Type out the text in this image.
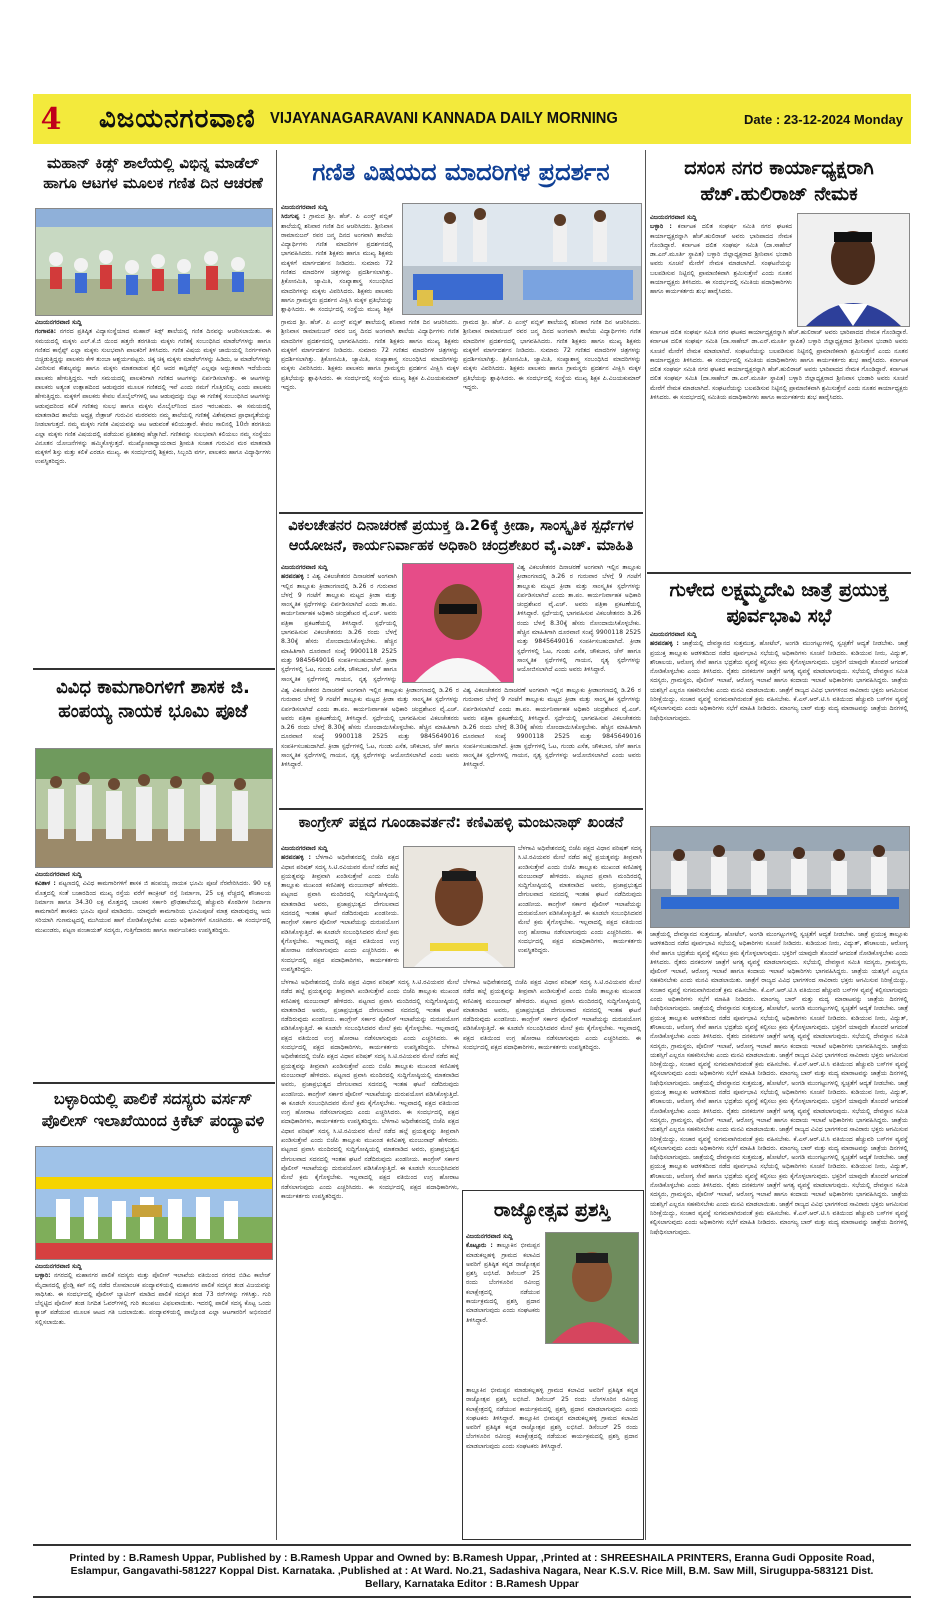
4 ವಿಜಯನಗರವಾಣಿ VIJAYANAGARAVANI KANNADA DAILY MORNING	Date : 23-12-2024 Monday
ಮಹಾನ್ ಕಿಡ್ಸ್ ಶಾಲೆಯಲ್ಲಿ ವಿಭಿನ್ನ ಮಾಡೆಲ್ ಹಾಗೂ ಆಟಗಳ ಮೂಲಕ ಗಣಿತ ದಿನ ಆಚರಣೆ
ವಿಜಯನಗರವಾಣಿ ಸುದ್ದಿ
ಗಂಗಾವತಿ: ನಗರದ ಪ್ರತಿಷ್ಠಿತ ವಿದ್ಯಾಸಂಸ್ಥೆಯಾದ ಮಹಾನ್ ಕಿಡ್ಸ್ ಶಾಲೆಯಲ್ಲಿ ಗಣಿತ ದಿನವನ್ನು ಆಚರಿಸಲಾಯಿತು. ಈ ಸಮಯದಲ್ಲಿ ಮಕ್ಕಳು ಎಲ್.ಕೆ.ಜಿ ಯಿಂದ ಹತ್ತನೇ ತರಗತಿಯ ಮಕ್ಕಳು ಗಣಿತಕ್ಕೆ ಸಂಬಂಧಿಸಿದ ಮಾಡೆಲ್‌ಗಳನ್ನು ಹಾಗೂ ಗಣಿತದ ಕಾನ್ಸೆಪ್ಟ್ ಎಲ್ಲಾ ಮಕ್ಕಳು ಸುಲಭವಾಗಿ ಪಾಲಕರಿಗೆ ತಿಳಿಸಿದರು. ಗಣಿತ ವಿಷಯ ಮಕ್ಕಳ ಜಾಯಿಯಲ್ಲಿ ನಿರರ್ಗಳವಾಗಿ ಬಿಚ್ಚಿಡುತ್ತಿದ್ದನ್ನು ಪಾಲಕರು ಕೇಳಿ ತುಂಬಾ ಆಶ್ಚರ್ಯಪಟ್ಟರು. ಚಿಕ್ಕ ಚಿಕ್ಕ ಮಕ್ಕಳು ಮಾಡೆಲ್‌ಗಳನ್ನು ಹಿಡಿದು, ಆ ಮಾಡೆಲ್‌ಗಳನ್ನು ವಿವರಿಸುವ ಕೌಶಲ್ಯವನ್ನು ಹಾಗೂ ಮಕ್ಕಳು ಮಾತನಾಡುವ ಶೈಲಿ ಆದರ ಕಾನ್ಫಿಡೆನ್ಸ್ ಎಲ್ಲವೂ ಅದ್ಭುತವಾಗಿ ಇದೆಯೆಂದು ಪಾಲಕರು ಹೇಳುತ್ತಿದ್ದರು. ಇದೇ ಸಮಯದಲ್ಲಿ ಪಾಲಕರಿಗಾಗಿ ಗಣಿತದ ಆಟಗಳನ್ನು ಏರ್ಪಡಿಸಲಾಗಿತ್ತು. ಈ ಆಟಗಳನ್ನು ಪಾಲಕರು ಅತ್ಯಂತ ಉತ್ಸಾಹದಿಂದ ಆಡುವುದರ ಮೂಲಕ ಗಣಿತದಲ್ಲಿ ಇವೆ ಎಂದು ನಮಗೆ ಗೊತ್ತಿರಲಿಲ್ಲ ಎಂದು ಪಾಲಕರು ಹೇಳುತ್ತಿದ್ದರು. ಮಕ್ಕಳಿಗೆ ಪಾಲಕರು ಕೇವಲ ಮೊಬೈಲ್‌ಗಳಲ್ಲಿ ಆಟ ಆಡುವುದನ್ನು ಬಿಟ್ಟು ಈ ಗಣಿತಕ್ಕೆ ಸಂಬಂಧಿಸಿದ ಆಟಗಳನ್ನು ಆಡುವುದರಿಂದ ಕಲಿಕೆ ಗಣಿತವು ಸುಲಭ ಹಾಗೂ ಮಕ್ಕಳು ಮೊಬೈಲ್‌ನಿಂದ ದೂರ ಇರಬಹುದು. ಈ ಸಮಯದಲ್ಲಿ ಮಾತನಾಡಿದ ಶಾಲೆಯ ಅಧ್ಯಕ್ಷ ನೇತ್ರಾಜ್ ಗುರುವಿನ ಮಠರವರು ನಮ್ಮ ಶಾಲೆಯಲ್ಲಿ ಗಣಿತಕ್ಕೆ ವಿಶೇಷವಾದ ಪ್ರಾಧಾನ್ಯತೆಯನ್ನು ನೀಡಲಾಗುತ್ತದೆ. ನಮ್ಮ ಮಕ್ಕಳು ಗಣಿತ ವಿಷಯವನ್ನು ಆಟ ಆಡುವಂತೆ ಕಲಿಯುತ್ತಾರೆ. ಕೇವಲ ಸಾಲಿನಲ್ಲಿ 10ನೇ ತರಗತಿಯ ಎಲ್ಲಾ ಮಕ್ಕಳು ಗಣಿತ ವಿಷಯದಲ್ಲಿ ಪಡೆಯುವ ಪ್ರತಿಶತವು ಹೆಚ್ಚಾಗಿದೆ. ಗಣಿತವನ್ನು ಸುಲಭವಾಗಿ ಕಲಿಯಲು ನಮ್ಮ ಸಂಸ್ಥೆಯು ವಿನೂತನ ಯೋಜನೆಗಳನ್ನು ಹಮ್ಮಿಕೊಳ್ಳುತ್ತದೆ. ಮುಖ್ಯೋಪಾಧ್ಯಾಯರಾದ ಶ್ರೀಮತಿ ಸುಜಾತ ಗುರುವಿನ ಮಠ ಮಾತನಾಡಿ ಮಕ್ಕಳಿಗೆ ಶಿಸ್ತು ಮತ್ತು ಕಲಿಕೆ ಎರಡೂ ಮುಖ್ಯ. ಈ ಸಂದರ್ಭದಲ್ಲಿ ಶಿಕ್ಷಕರು, ಸಿಬ್ಬಂದಿ ವರ್ಗ, ಪಾಲಕರು ಹಾಗೂ ವಿದ್ಯಾರ್ಥಿಗಳು ಉಪಸ್ಥಿತರಿದ್ದರು.
ವಿವಿಧ ಕಾಮಗಾರಿಗಳಿಗೆ ಶಾಸಕ ಜಿ. ಹಂಪಯ್ಯ ನಾಯಕ ಭೂಮಿ ಪೂಜೆ
ವಿಜಯನಗರವಾಣಿ ಸುದ್ದಿ
ಕವಿತಾಳ : ಪಟ್ಟಣದಲ್ಲಿ ವಿವಿಧ ಕಾಮಗಾರಿಗಳಿಗೆ ಶಾಸಕ ಜಿ ಹಂಪಯ್ಯ ನಾಯಕ ಭೂಮಿ ಪೂಜೆ ನೆರವೇರಿಸಿದರು. 90 ಲಕ್ಷ ಮೊತ್ತದಲ್ಲಿ ಸಂತೆ ಬಜಾರದಿಂದ ಮುಖ್ಯ ರಸ್ತೆಯ ವರೆಗೆ ಕಾಂಕ್ರೀಟ್ ರಸ್ತೆ ನಿರ್ಮಾಣ, 25 ಲಕ್ಷ ವೆಚ್ಚದಲ್ಲಿ ಶೌಚಾಲಯ ನಿರ್ಮಾಣ ಹಾಗೂ 34.30 ಲಕ್ಷ ಮೊತ್ತದಲ್ಲಿ ಬಾಲಕರ ಸರ್ಕಾರಿ ಪ್ರೌಢಶಾಲೆಯಲ್ಲಿ ಹೆಚ್ಚುವರಿ ಕೊಠಡಿಗಳ ನಿರ್ಮಾಣ ಕಾಮಗಾರಿಗೆ ಶಾಸಕರು ಭೂಮಿ ಪೂಜೆ ಮಾಡಿದರು. ಯಾವುದೇ ಕಾಮಗಾರಿಯ ಭೂಮಿಪೂಜೆ ಮಾತ್ರ ಮಾಡುವುದಲ್ಲ ಅದು ಸರಿಯಾಗಿ ಗುಣಮಟ್ಟದಲ್ಲಿ ಮುಗಿಯುವ ಹಾಗೆ ನೋಡಿಕೊಳ್ಳಬೇಕು ಎಂದು ಅಧಿಕಾರಿಗಳಿಗೆ ಸೂಚಿಸಿದರು. ಈ ಸಂದರ್ಭದಲ್ಲಿ ಮುಖಂಡರು, ಪಟ್ಟಣ ಪಂಚಾಯತ್ ಸದಸ್ಯರು, ಗುತ್ತಿಗೆದಾರರು ಹಾಗೂ ಸಾರ್ವಜನಿಕರು ಉಪಸ್ಥಿತರಿದ್ದರು.
ಬಳ್ಳಾರಿಯಲ್ಲಿ ಪಾಲಿಕೆ ಸದಸ್ಯರು ವರ್ಸಸ್ ಪೊಲೀಸ್ ಇಲಾಖೆಯಿಂದ ಕ್ರಿಕೆಟ್ ಪಂದ್ಯಾವಳಿ
ವಿಜಯನಗರವಾಣಿ ಸುದ್ದಿ
ಬಳ್ಳಾರಿ: ನಗರದಲ್ಲಿ ಮಹಾನಗರ ಪಾಲಿಕೆ ಸದಸ್ಯರು ಮತ್ತು ಪೊಲೀಸ್ ಇಲಾಖೆಯ ವತಿಯಿಂದ ನಗರದ ಬಿಡಿಎ ಕಾಲೇಜ್ ಮೈದಾನದಲ್ಲಿ ಫ್ರೆಂಡ್ಲಿ ಕಪ್ ನಲ್ಲಿ ನಡೆದ ರೋಮಾಂಚಕ ಪಂದ್ಯಾವಳಿಯಲ್ಲಿ ಮಹಾನಗರ ಪಾಲಿಕೆ ಸದಸ್ಯರ ತಂಡ ವಿಜಯವನ್ನು ಸಾಧಿಸಿತು. ಈ ಸಂದರ್ಭದಲ್ಲಿ ಪೊಲೀಸ್ ಬ್ಯಾಟಿಂಗ್ ಮಾಡಿದ ಪಾಲಿಕೆ ಸದಸ್ಯರ ತಂಡ 73 ರನ್‌ಗಳನ್ನು ಗಳಿಸಿತ್ತು. ಗುರಿ ಬೆನ್ನಟ್ಟಿದ ಪೊಲೀಸ್ ತಂಡ ನಿಗದಿತ ಓವರ್‌ಗಳಲ್ಲಿ ಗುರಿ ತಲುಪಲು ವಿಫಲವಾಯಿತು. ಇದರಲ್ಲಿ ಪಾಲಿಕೆ ಸದಸ್ಯ ಕೊಟ್ಟ ಒಂದು ಕ್ಯಾಚ್ ಪಡೆಯುವ ಮೂಲಕ ಆಟದ ಗತಿ ಬದಲಾಯಿತು. ಪಂದ್ಯಾವಳಿಯಲ್ಲಿ ಪಾಲ್ಗೊಂಡ ಎಲ್ಲಾ ಆಟಗಾರರಿಗೆ ಅಭಿನಂದನೆ ಸಲ್ಲಿಸಲಾಯಿತು.
ಗಣಿತ ವಿಷಯದ ಮಾದರಿಗಳ ಪ್ರದರ್ಶನ
ವಿಜಯನಗರವಾಣಿ ಸುದ್ದಿ
ಸಿರುಗುಪ್ಪ : ಗ್ರಾಮದ ಶ್ರೀ. ಹೆಚ್. ಪಿ ಎಂಸ್ತ್ ಪಬ್ಲಿಕ್ ಶಾಲೆಯಲ್ಲಿ ಶನಿವಾರ ಗಣಿತ ದಿನ ಆಚರಿಸಿದರು. ಶ್ರೀನಿವಾಸ ರಾಮಾನುಜನ್ ರವರ ಜನ್ಮ ದಿನದ ಅಂಗವಾಗಿ ಶಾಲೆಯ ವಿದ್ಯಾರ್ಥಿಗಳು ಗಣಿತ ಮಾದರಿಗಳ ಪ್ರದರ್ಶನದಲ್ಲಿ ಭಾಗವಹಿಸಿದರು. ಗಣಿತ ಶಿಕ್ಷಕರು ಹಾಗೂ ಮುಖ್ಯ ಶಿಕ್ಷಕರು ಮಕ್ಕಳಿಗೆ ಮಾರ್ಗದರ್ಶನ ನೀಡಿದರು. ಸುಮಾರು 72 ಗಣಿತದ ಮಾದರಿಗಳ ಚಿತ್ರಗಳನ್ನು ಪ್ರದರ್ಶಿಸಲಾಗಿತ್ತು. ತ್ರಿಕೋನಮಿತಿ, ಜ್ಯಾಮಿತಿ, ಸಂಖ್ಯಾಶಾಸ್ತ್ರ ಸಂಬಂಧಿಸಿದ ಮಾದರಿಗಳನ್ನು ಮಕ್ಕಳು ವಿವರಿಸಿದರು. ಶಿಕ್ಷಕರು ಪಾಲಕರು ಹಾಗೂ ಗ್ರಾಮಸ್ಥರು ಪ್ರದರ್ಶನ ವೀಕ್ಷಿಸಿ ಮಕ್ಕಳ ಪ್ರತಿಭೆಯನ್ನು ಶ್ಲಾಘಿಸಿದರು. ಈ ಸಂದರ್ಭದಲ್ಲಿ ಸಂಸ್ಥೆಯ ಮುಖ್ಯ ಶಿಕ್ಷಕ
ಗ್ರಾಮದ ಶ್ರೀ. ಹೆಚ್. ಪಿ ಎಂಸ್ತ್ ಪಬ್ಲಿಕ್ ಶಾಲೆಯಲ್ಲಿ ಶನಿವಾರ ಗಣಿತ ದಿನ ಆಚರಿಸಿದರು. ಶ್ರೀನಿವಾಸ ರಾಮಾನುಜನ್ ರವರ ಜನ್ಮ ದಿನದ ಅಂಗವಾಗಿ ಶಾಲೆಯ ವಿದ್ಯಾರ್ಥಿಗಳು ಗಣಿತ ಮಾದರಿಗಳ ಪ್ರದರ್ಶನದಲ್ಲಿ ಭಾಗವಹಿಸಿದರು. ಗಣಿತ ಶಿಕ್ಷಕರು ಹಾಗೂ ಮುಖ್ಯ ಶಿಕ್ಷಕರು ಮಕ್ಕಳಿಗೆ ಮಾರ್ಗದರ್ಶನ ನೀಡಿದರು. ಸುಮಾರು 72 ಗಣಿತದ ಮಾದರಿಗಳ ಚಿತ್ರಗಳನ್ನು ಪ್ರದರ್ಶಿಸಲಾಗಿತ್ತು. ತ್ರಿಕೋನಮಿತಿ, ಜ್ಯಾಮಿತಿ, ಸಂಖ್ಯಾಶಾಸ್ತ್ರ ಸಂಬಂಧಿಸಿದ ಮಾದರಿಗಳನ್ನು ಮಕ್ಕಳು ವಿವರಿಸಿದರು. ಶಿಕ್ಷಕರು ಪಾಲಕರು ಹಾಗೂ ಗ್ರಾಮಸ್ಥರು ಪ್ರದರ್ಶನ ವೀಕ್ಷಿಸಿ ಮಕ್ಕಳ ಪ್ರತಿಭೆಯನ್ನು ಶ್ಲಾಘಿಸಿದರು. ಈ ಸಂದರ್ಭದಲ್ಲಿ ಸಂಸ್ಥೆಯ ಮುಖ್ಯ ಶಿಕ್ಷಕ ಪಿ.ವಿಜಯಕುಮಾರ್ ಇದ್ದರು.
ಗ್ರಾಮದ ಶ್ರೀ. ಹೆಚ್. ಪಿ ಎಂಸ್ತ್ ಪಬ್ಲಿಕ್ ಶಾಲೆಯಲ್ಲಿ ಶನಿವಾರ ಗಣಿತ ದಿನ ಆಚರಿಸಿದರು. ಶ್ರೀನಿವಾಸ ರಾಮಾನುಜನ್ ರವರ ಜನ್ಮ ದಿನದ ಅಂಗವಾಗಿ ಶಾಲೆಯ ವಿದ್ಯಾರ್ಥಿಗಳು ಗಣಿತ ಮಾದರಿಗಳ ಪ್ರದರ್ಶನದಲ್ಲಿ ಭಾಗವಹಿಸಿದರು. ಗಣಿತ ಶಿಕ್ಷಕರು ಹಾಗೂ ಮುಖ್ಯ ಶಿಕ್ಷಕರು ಮಕ್ಕಳಿಗೆ ಮಾರ್ಗದರ್ಶನ ನೀಡಿದರು. ಸುಮಾರು 72 ಗಣಿತದ ಮಾದರಿಗಳ ಚಿತ್ರಗಳನ್ನು ಪ್ರದರ್ಶಿಸಲಾಗಿತ್ತು. ತ್ರಿಕೋನಮಿತಿ, ಜ್ಯಾಮಿತಿ, ಸಂಖ್ಯಾಶಾಸ್ತ್ರ ಸಂಬಂಧಿಸಿದ ಮಾದರಿಗಳನ್ನು ಮಕ್ಕಳು ವಿವರಿಸಿದರು. ಶಿಕ್ಷಕರು ಪಾಲಕರು ಹಾಗೂ ಗ್ರಾಮಸ್ಥರು ಪ್ರದರ್ಶನ ವೀಕ್ಷಿಸಿ ಮಕ್ಕಳ ಪ್ರತಿಭೆಯನ್ನು ಶ್ಲಾಘಿಸಿದರು. ಈ ಸಂದರ್ಭದಲ್ಲಿ ಸಂಸ್ಥೆಯ ಮುಖ್ಯ ಶಿಕ್ಷಕ ಪಿ.ವಿಜಯಕುಮಾರ್ ಇದ್ದರು.
ವಿಕಲಚೇತನರ ದಿನಾಚರಣೆ ಪ್ರಯುಕ್ತ ಡಿ.26ಕ್ಕೆ ಕ್ರೀಡಾ, ಸಾಂಸ್ಕೃತಿಕ ಸ್ಪರ್ಧೆಗಳ ಆಯೋಜನೆ, ಕಾರ್ಯನಿರ್ವಾಹಕ ಅಧಿಕಾರಿ ಚಂದ್ರಶೇಖರ ವೈ.ಎಚ್. ಮಾಹಿತಿ
ವಿಜಯನಗರವಾಣಿ ಸುದ್ದಿ
ಹರಪನಹಳ್ಳಿ : ವಿಶ್ವ ವಿಕಲಚೇತನರ ದಿನಾಚರಣೆ ಅಂಗವಾಗಿ ಇಲ್ಲಿನ ತಾಲ್ಲೂಕು ಕ್ರೀಡಾಂಗಣದಲ್ಲಿ ಡಿ.26 ರ ಗುರುವಾರ ಬೆಳಗ್ಗೆ 9 ಗಂಟೆಗೆ ತಾಲ್ಲೂಕು ಮಟ್ಟದ ಕ್ರೀಡಾ ಮತ್ತು ಸಾಂಸ್ಕೃತಿಕ ಸ್ಪರ್ಧೆಗಳನ್ನು ಏರ್ಪಡಿಸಲಾಗಿದೆ ಎಂದು ತಾ.ಪಂ. ಕಾರ್ಯನಿರ್ವಾಹಕ ಅಧಿಕಾರಿ ಚಂದ್ರಶೇಖರ ವೈ.ಎಚ್. ಅವರು ಪತ್ರಿಕಾ ಪ್ರಕಟಣೆಯಲ್ಲಿ ತಿಳಿಸಿದ್ದಾರೆ. ಸ್ಪರ್ಧೆಯಲ್ಲಿ ಭಾಗವಹಿಸುವ ವಿಕಲಚೇತನರು ಡಿ.26 ರಂದು ಬೆಳಗ್ಗೆ 8.30ಕ್ಕೆ ಹೆಸರು ನೋಂದಾಯಿಸಿಕೊಳ್ಳಬೇಕು. ಹೆಚ್ಚಿನ ಮಾಹಿತಿಗಾಗಿ ದೂರವಾಣಿ ಸಂಖ್ಯೆ 9900118 2525 ಮತ್ತು 9845649016 ಸಂಪರ್ಕಿಸಬಹುದಾಗಿದೆ. ಕ್ರೀಡಾ ಸ್ಪರ್ಧೆಗಳಲ್ಲಿ ಓಟ, ಗುಂಡು ಎಸೆತ, ಚೌಕಬಾರ, ಚೆಸ್ ಹಾಗೂ ಸಾಂಸ್ಕೃತಿಕ ಸ್ಪರ್ಧೆಗಳಲ್ಲಿ ಗಾಯನ, ನೃತ್ಯ ಸ್ಪರ್ಧೆಗಳನ್ನು
ವಿಶ್ವ ವಿಕಲಚೇತನರ ದಿನಾಚರಣೆ ಅಂಗವಾಗಿ ಇಲ್ಲಿನ ತಾಲ್ಲೂಕು ಕ್ರೀಡಾಂಗಣದಲ್ಲಿ ಡಿ.26 ರ ಗುರುವಾರ ಬೆಳಗ್ಗೆ 9 ಗಂಟೆಗೆ ತಾಲ್ಲೂಕು ಮಟ್ಟದ ಕ್ರೀಡಾ ಮತ್ತು ಸಾಂಸ್ಕೃತಿಕ ಸ್ಪರ್ಧೆಗಳನ್ನು ಏರ್ಪಡಿಸಲಾಗಿದೆ ಎಂದು ತಾ.ಪಂ. ಕಾರ್ಯನಿರ್ವಾಹಕ ಅಧಿಕಾರಿ ಚಂದ್ರಶೇಖರ ವೈ.ಎಚ್. ಅವರು ಪತ್ರಿಕಾ ಪ್ರಕಟಣೆಯಲ್ಲಿ ತಿಳಿಸಿದ್ದಾರೆ. ಸ್ಪರ್ಧೆಯಲ್ಲಿ ಭಾಗವಹಿಸುವ ವಿಕಲಚೇತನರು ಡಿ.26 ರಂದು ಬೆಳಗ್ಗೆ 8.30ಕ್ಕೆ ಹೆಸರು ನೋಂದಾಯಿಸಿಕೊಳ್ಳಬೇಕು. ಹೆಚ್ಚಿನ ಮಾಹಿತಿಗಾಗಿ ದೂರವಾಣಿ ಸಂಖ್ಯೆ 9900118 2525 ಮತ್ತು 9845649016 ಸಂಪರ್ಕಿಸಬಹುದಾಗಿದೆ. ಕ್ರೀಡಾ ಸ್ಪರ್ಧೆಗಳಲ್ಲಿ ಓಟ, ಗುಂಡು ಎಸೆತ, ಚೌಕಬಾರ, ಚೆಸ್ ಹಾಗೂ ಸಾಂಸ್ಕೃತಿಕ ಸ್ಪರ್ಧೆಗಳಲ್ಲಿ ಗಾಯನ, ನೃತ್ಯ ಸ್ಪರ್ಧೆಗಳನ್ನು ಆಯೋಜಿಸಲಾಗಿದೆ ಎಂದು ಅವರು ತಿಳಿಸಿದ್ದಾರೆ.
ವಿಶ್ವ ವಿಕಲಚೇತನರ ದಿನಾಚರಣೆ ಅಂಗವಾಗಿ ಇಲ್ಲಿನ ತಾಲ್ಲೂಕು ಕ್ರೀಡಾಂಗಣದಲ್ಲಿ ಡಿ.26 ರ ಗುರುವಾರ ಬೆಳಗ್ಗೆ 9 ಗಂಟೆಗೆ ತಾಲ್ಲೂಕು ಮಟ್ಟದ ಕ್ರೀಡಾ ಮತ್ತು ಸಾಂಸ್ಕೃತಿಕ ಸ್ಪರ್ಧೆಗಳನ್ನು ಏರ್ಪಡಿಸಲಾಗಿದೆ ಎಂದು ತಾ.ಪಂ. ಕಾರ್ಯನಿರ್ವಾಹಕ ಅಧಿಕಾರಿ ಚಂದ್ರಶೇಖರ ವೈ.ಎಚ್. ಅವರು ಪತ್ರಿಕಾ ಪ್ರಕಟಣೆಯಲ್ಲಿ ತಿಳಿಸಿದ್ದಾರೆ. ಸ್ಪರ್ಧೆಯಲ್ಲಿ ಭಾಗವಹಿಸುವ ವಿಕಲಚೇತನರು ಡಿ.26 ರಂದು ಬೆಳಗ್ಗೆ 8.30ಕ್ಕೆ ಹೆಸರು ನೋಂದಾಯಿಸಿಕೊಳ್ಳಬೇಕು. ಹೆಚ್ಚಿನ ಮಾಹಿತಿಗಾಗಿ ದೂರವಾಣಿ ಸಂಖ್ಯೆ 9900118 2525 ಮತ್ತು 9845649016 ಸಂಪರ್ಕಿಸಬಹುದಾಗಿದೆ. ಕ್ರೀಡಾ ಸ್ಪರ್ಧೆಗಳಲ್ಲಿ ಓಟ, ಗುಂಡು ಎಸೆತ, ಚೌಕಬಾರ, ಚೆಸ್ ಹಾಗೂ ಸಾಂಸ್ಕೃತಿಕ ಸ್ಪರ್ಧೆಗಳಲ್ಲಿ ಗಾಯನ, ನೃತ್ಯ ಸ್ಪರ್ಧೆಗಳನ್ನು ಆಯೋಜಿಸಲಾಗಿದೆ ಎಂದು ಅವರು ತಿಳಿಸಿದ್ದಾರೆ.
ವಿಶ್ವ ವಿಕಲಚೇತನರ ದಿನಾಚರಣೆ ಅಂಗವಾಗಿ ಇಲ್ಲಿನ ತಾಲ್ಲೂಕು ಕ್ರೀಡಾಂಗಣದಲ್ಲಿ ಡಿ.26 ರ ಗುರುವಾರ ಬೆಳಗ್ಗೆ 9 ಗಂಟೆಗೆ ತಾಲ್ಲೂಕು ಮಟ್ಟದ ಕ್ರೀಡಾ ಮತ್ತು ಸಾಂಸ್ಕೃತಿಕ ಸ್ಪರ್ಧೆಗಳನ್ನು ಏರ್ಪಡಿಸಲಾಗಿದೆ ಎಂದು ತಾ.ಪಂ. ಕಾರ್ಯನಿರ್ವಾಹಕ ಅಧಿಕಾರಿ ಚಂದ್ರಶೇಖರ ವೈ.ಎಚ್. ಅವರು ಪತ್ರಿಕಾ ಪ್ರಕಟಣೆಯಲ್ಲಿ ತಿಳಿಸಿದ್ದಾರೆ. ಸ್ಪರ್ಧೆಯಲ್ಲಿ ಭಾಗವಹಿಸುವ ವಿಕಲಚೇತನರು ಡಿ.26 ರಂದು ಬೆಳಗ್ಗೆ 8.30ಕ್ಕೆ ಹೆಸರು ನೋಂದಾಯಿಸಿಕೊಳ್ಳಬೇಕು. ಹೆಚ್ಚಿನ ಮಾಹಿತಿಗಾಗಿ ದೂರವಾಣಿ ಸಂಖ್ಯೆ 9900118 2525 ಮತ್ತು 9845649016 ಸಂಪರ್ಕಿಸಬಹುದಾಗಿದೆ. ಕ್ರೀಡಾ ಸ್ಪರ್ಧೆಗಳಲ್ಲಿ ಓಟ, ಗುಂಡು ಎಸೆತ, ಚೌಕಬಾರ, ಚೆಸ್ ಹಾಗೂ ಸಾಂಸ್ಕೃತಿಕ ಸ್ಪರ್ಧೆಗಳಲ್ಲಿ ಗಾಯನ, ನೃತ್ಯ ಸ್ಪರ್ಧೆಗಳನ್ನು ಆಯೋಜಿಸಲಾಗಿದೆ ಎಂದು ಅವರು ತಿಳಿಸಿದ್ದಾರೆ.
ಕಾಂಗ್ರೇಸ್ ಪಕ್ಷದ ಗೂಂಡಾವರ್ತನೆ: ಕಣಿವಿಹಳ್ಳಿ ಮಂಜುನಾಥ್ ಖಂಡನೆ
ವಿಜಯನಗರವಾಣಿ ಸುದ್ದಿ
ಹರಪನಹಳ್ಳಿ : ಬೆಳಗಾವಿ ಅಧಿವೇಶನದಲ್ಲಿ ಬಿಜೆಪಿ ಪಕ್ಷದ ವಿಧಾನ ಪರಿಷತ್ ಸದಸ್ಯ ಸಿ.ಟಿ.ರವಿಯವರ ಮೇಲೆ ನಡೆದ ಹಲ್ಲೆ ಪ್ರಯತ್ನವನ್ನು ತೀವ್ರವಾಗಿ ಖಂಡಿಸುತ್ತೇವೆ ಎಂದು ಬಿಜೆಪಿ ತಾಲ್ಲೂಕು ಮುಖಂಡ ಕಣಿವಿಹಳ್ಳಿ ಮಂಜುನಾಥ್ ಹೇಳಿದರು. ಪಟ್ಟಣದ ಪ್ರವಾಸಿ ಮಂದಿರದಲ್ಲಿ ಸುದ್ದಿಗೋಷ್ಠಿಯಲ್ಲಿ ಮಾತನಾಡಿದ ಅವರು, ಪ್ರಜಾಪ್ರಭುತ್ವದ ದೇಗುಲವಾದ ಸದನದಲ್ಲಿ ಇಂತಹ ಘಟನೆ ನಡೆದಿರುವುದು ಖಂಡನೀಯ. ಕಾಂಗ್ರೇಸ್ ಸರ್ಕಾರ ಪೊಲೀಸ್ ಇಲಾಖೆಯನ್ನು ದುರುಪಯೋಗ ಪಡಿಸಿಕೊಳ್ಳುತ್ತಿದೆ. ಈ ಕೂಡಲೇ ಸಂಬಂಧಿಸಿದವರ ಮೇಲೆ ಕ್ರಮ ಕೈಗೊಳ್ಳಬೇಕು. ಇಲ್ಲವಾದಲ್ಲಿ ಪಕ್ಷದ ವತಿಯಿಂದ ಉಗ್ರ ಹೋರಾಟ ನಡೆಸಲಾಗುವುದು ಎಂದು ಎಚ್ಚರಿಸಿದರು. ಈ ಸಂದರ್ಭದಲ್ಲಿ ಪಕ್ಷದ ಪದಾಧಿಕಾರಿಗಳು, ಕಾರ್ಯಕರ್ತರು ಉಪಸ್ಥಿತರಿದ್ದರು.
ಬೆಳಗಾವಿ ಅಧಿವೇಶನದಲ್ಲಿ ಬಿಜೆಪಿ ಪಕ್ಷದ ವಿಧಾನ ಪರಿಷತ್ ಸದಸ್ಯ ಸಿ.ಟಿ.ರವಿಯವರ ಮೇಲೆ ನಡೆದ ಹಲ್ಲೆ ಪ್ರಯತ್ನವನ್ನು ತೀವ್ರವಾಗಿ ಖಂಡಿಸುತ್ತೇವೆ ಎಂದು ಬಿಜೆಪಿ ತಾಲ್ಲೂಕು ಮುಖಂಡ ಕಣಿವಿಹಳ್ಳಿ ಮಂಜುನಾಥ್ ಹೇಳಿದರು. ಪಟ್ಟಣದ ಪ್ರವಾಸಿ ಮಂದಿರದಲ್ಲಿ ಸುದ್ದಿಗೋಷ್ಠಿಯಲ್ಲಿ ಮಾತನಾಡಿದ ಅವರು, ಪ್ರಜಾಪ್ರಭುತ್ವದ ದೇಗುಲವಾದ ಸದನದಲ್ಲಿ ಇಂತಹ ಘಟನೆ ನಡೆದಿರುವುದು ಖಂಡನೀಯ. ಕಾಂಗ್ರೇಸ್ ಸರ್ಕಾರ ಪೊಲೀಸ್ ಇಲಾಖೆಯನ್ನು ದುರುಪಯೋಗ ಪಡಿಸಿಕೊಳ್ಳುತ್ತಿದೆ. ಈ ಕೂಡಲೇ ಸಂಬಂಧಿಸಿದವರ ಮೇಲೆ ಕ್ರಮ ಕೈಗೊಳ್ಳಬೇಕು. ಇಲ್ಲವಾದಲ್ಲಿ ಪಕ್ಷದ ವತಿಯಿಂದ ಉಗ್ರ ಹೋರಾಟ ನಡೆಸಲಾಗುವುದು ಎಂದು ಎಚ್ಚರಿಸಿದರು. ಈ ಸಂದರ್ಭದಲ್ಲಿ ಪಕ್ಷದ ಪದಾಧಿಕಾರಿಗಳು, ಕಾರ್ಯಕರ್ತರು ಉಪಸ್ಥಿತರಿದ್ದರು.
ಬೆಳಗಾವಿ ಅಧಿವೇಶನದಲ್ಲಿ ಬಿಜೆಪಿ ಪಕ್ಷದ ವಿಧಾನ ಪರಿಷತ್ ಸದಸ್ಯ ಸಿ.ಟಿ.ರವಿಯವರ ಮೇಲೆ ನಡೆದ ಹಲ್ಲೆ ಪ್ರಯತ್ನವನ್ನು ತೀವ್ರವಾಗಿ ಖಂಡಿಸುತ್ತೇವೆ ಎಂದು ಬಿಜೆಪಿ ತಾಲ್ಲೂಕು ಮುಖಂಡ ಕಣಿವಿಹಳ್ಳಿ ಮಂಜುನಾಥ್ ಹೇಳಿದರು. ಪಟ್ಟಣದ ಪ್ರವಾಸಿ ಮಂದಿರದಲ್ಲಿ ಸುದ್ದಿಗೋಷ್ಠಿಯಲ್ಲಿ ಮಾತನಾಡಿದ ಅವರು, ಪ್ರಜಾಪ್ರಭುತ್ವದ ದೇಗುಲವಾದ ಸದನದಲ್ಲಿ ಇಂತಹ ಘಟನೆ ನಡೆದಿರುವುದು ಖಂಡನೀಯ. ಕಾಂಗ್ರೇಸ್ ಸರ್ಕಾರ ಪೊಲೀಸ್ ಇಲಾಖೆಯನ್ನು ದುರುಪಯೋಗ ಪಡಿಸಿಕೊಳ್ಳುತ್ತಿದೆ. ಈ ಕೂಡಲೇ ಸಂಬಂಧಿಸಿದವರ ಮೇಲೆ ಕ್ರಮ ಕೈಗೊಳ್ಳಬೇಕು. ಇಲ್ಲವಾದಲ್ಲಿ ಪಕ್ಷದ ವತಿಯಿಂದ ಉಗ್ರ ಹೋರಾಟ ನಡೆಸಲಾಗುವುದು ಎಂದು ಎಚ್ಚರಿಸಿದರು. ಈ ಸಂದರ್ಭದಲ್ಲಿ ಪಕ್ಷದ ಪದಾಧಿಕಾರಿಗಳು, ಕಾರ್ಯಕರ್ತರು ಉಪಸ್ಥಿತರಿದ್ದರು. ಬೆಳಗಾವಿ ಅಧಿವೇಶನದಲ್ಲಿ ಬಿಜೆಪಿ ಪಕ್ಷದ ವಿಧಾನ ಪರಿಷತ್ ಸದಸ್ಯ ಸಿ.ಟಿ.ರವಿಯವರ ಮೇಲೆ ನಡೆದ ಹಲ್ಲೆ ಪ್ರಯತ್ನವನ್ನು ತೀವ್ರವಾಗಿ ಖಂಡಿಸುತ್ತೇವೆ ಎಂದು ಬಿಜೆಪಿ ತಾಲ್ಲೂಕು ಮುಖಂಡ ಕಣಿವಿಹಳ್ಳಿ ಮಂಜುನಾಥ್ ಹೇಳಿದರು. ಪಟ್ಟಣದ ಪ್ರವಾಸಿ ಮಂದಿರದಲ್ಲಿ ಸುದ್ದಿಗೋಷ್ಠಿಯಲ್ಲಿ ಮಾತನಾಡಿದ ಅವರು, ಪ್ರಜಾಪ್ರಭುತ್ವದ ದೇಗುಲವಾದ ಸದನದಲ್ಲಿ ಇಂತಹ ಘಟನೆ ನಡೆದಿರುವುದು ಖಂಡನೀಯ. ಕಾಂಗ್ರೇಸ್ ಸರ್ಕಾರ ಪೊಲೀಸ್ ಇಲಾಖೆಯನ್ನು ದುರುಪಯೋಗ ಪಡಿಸಿಕೊಳ್ಳುತ್ತಿದೆ. ಈ ಕೂಡಲೇ ಸಂಬಂಧಿಸಿದವರ ಮೇಲೆ ಕ್ರಮ ಕೈಗೊಳ್ಳಬೇಕು. ಇಲ್ಲವಾದಲ್ಲಿ ಪಕ್ಷದ ವತಿಯಿಂದ ಉಗ್ರ ಹೋರಾಟ ನಡೆಸಲಾಗುವುದು ಎಂದು ಎಚ್ಚರಿಸಿದರು. ಈ ಸಂದರ್ಭದಲ್ಲಿ ಪಕ್ಷದ ಪದಾಧಿಕಾರಿಗಳು, ಕಾರ್ಯಕರ್ತರು ಉಪಸ್ಥಿತರಿದ್ದರು. ಬೆಳಗಾವಿ ಅಧಿವೇಶನದಲ್ಲಿ ಬಿಜೆಪಿ ಪಕ್ಷದ ವಿಧಾನ ಪರಿಷತ್ ಸದಸ್ಯ ಸಿ.ಟಿ.ರವಿಯವರ ಮೇಲೆ ನಡೆದ ಹಲ್ಲೆ ಪ್ರಯತ್ನವನ್ನು ತೀವ್ರವಾಗಿ ಖಂಡಿಸುತ್ತೇವೆ ಎಂದು ಬಿಜೆಪಿ ತಾಲ್ಲೂಕು ಮುಖಂಡ ಕಣಿವಿಹಳ್ಳಿ ಮಂಜುನಾಥ್ ಹೇಳಿದರು. ಪಟ್ಟಣದ ಪ್ರವಾಸಿ ಮಂದಿರದಲ್ಲಿ ಸುದ್ದಿಗೋಷ್ಠಿಯಲ್ಲಿ ಮಾತನಾಡಿದ ಅವರು, ಪ್ರಜಾಪ್ರಭುತ್ವದ ದೇಗುಲವಾದ ಸದನದಲ್ಲಿ ಇಂತಹ ಘಟನೆ ನಡೆದಿರುವುದು ಖಂಡನೀಯ. ಕಾಂಗ್ರೇಸ್ ಸರ್ಕಾರ ಪೊಲೀಸ್ ಇಲಾಖೆಯನ್ನು ದುರುಪಯೋಗ ಪಡಿಸಿಕೊಳ್ಳುತ್ತಿದೆ. ಈ ಕೂಡಲೇ ಸಂಬಂಧಿಸಿದವರ ಮೇಲೆ ಕ್ರಮ ಕೈಗೊಳ್ಳಬೇಕು. ಇಲ್ಲವಾದಲ್ಲಿ ಪಕ್ಷದ ವತಿಯಿಂದ ಉಗ್ರ ಹೋರಾಟ ನಡೆಸಲಾಗುವುದು ಎಂದು ಎಚ್ಚರಿಸಿದರು. ಈ ಸಂದರ್ಭದಲ್ಲಿ ಪಕ್ಷದ ಪದಾಧಿಕಾರಿಗಳು, ಕಾರ್ಯಕರ್ತರು ಉಪಸ್ಥಿತರಿದ್ದರು.
ಬೆಳಗಾವಿ ಅಧಿವೇಶನದಲ್ಲಿ ಬಿಜೆಪಿ ಪಕ್ಷದ ವಿಧಾನ ಪರಿಷತ್ ಸದಸ್ಯ ಸಿ.ಟಿ.ರವಿಯವರ ಮೇಲೆ ನಡೆದ ಹಲ್ಲೆ ಪ್ರಯತ್ನವನ್ನು ತೀವ್ರವಾಗಿ ಖಂಡಿಸುತ್ತೇವೆ ಎಂದು ಬಿಜೆಪಿ ತಾಲ್ಲೂಕು ಮುಖಂಡ ಕಣಿವಿಹಳ್ಳಿ ಮಂಜುನಾಥ್ ಹೇಳಿದರು. ಪಟ್ಟಣದ ಪ್ರವಾಸಿ ಮಂದಿರದಲ್ಲಿ ಸುದ್ದಿಗೋಷ್ಠಿಯಲ್ಲಿ ಮಾತನಾಡಿದ ಅವರು, ಪ್ರಜಾಪ್ರಭುತ್ವದ ದೇಗುಲವಾದ ಸದನದಲ್ಲಿ ಇಂತಹ ಘಟನೆ ನಡೆದಿರುವುದು ಖಂಡನೀಯ. ಕಾಂಗ್ರೇಸ್ ಸರ್ಕಾರ ಪೊಲೀಸ್ ಇಲಾಖೆಯನ್ನು ದುರುಪಯೋಗ ಪಡಿಸಿಕೊಳ್ಳುತ್ತಿದೆ. ಈ ಕೂಡಲೇ ಸಂಬಂಧಿಸಿದವರ ಮೇಲೆ ಕ್ರಮ ಕೈಗೊಳ್ಳಬೇಕು. ಇಲ್ಲವಾದಲ್ಲಿ ಪಕ್ಷದ ವತಿಯಿಂದ ಉಗ್ರ ಹೋರಾಟ ನಡೆಸಲಾಗುವುದು ಎಂದು ಎಚ್ಚರಿಸಿದರು. ಈ ಸಂದರ್ಭದಲ್ಲಿ ಪಕ್ಷದ ಪದಾಧಿಕಾರಿಗಳು, ಕಾರ್ಯಕರ್ತರು ಉಪಸ್ಥಿತರಿದ್ದರು.
ರಾಜ್ಯೋತ್ಸವ ಪ್ರಶಸ್ತಿ
ವಿಜಯನಗರವಾಣಿ ಸುದ್ದಿ
ಕೊಟ್ಟೂರು : ತಾಲ್ಲೂಕಿನ ಭೀಮಪ್ಪನ ಮಾಡುಕಲ್ಲಹಳ್ಳಿ ಗ್ರಾಮದ ಕಲಾವಿದ ಅವರಿಗೆ ಪ್ರತಿಷ್ಠಿತ ಕನ್ನಡ ರಾಜ್ಯೋತ್ಸವ ಪ್ರಶಸ್ತಿ ಲಭಿಸಿದೆ. ಡಿಸೆಂಬರ್ 25 ರಂದು ಬೆಂಗಳೂರಿನ ರವೀಂದ್ರ ಕಲಾಕ್ಷೇತ್ರದಲ್ಲಿ ನಡೆಯುವ ಕಾರ್ಯಕ್ರಮದಲ್ಲಿ ಪ್ರಶಸ್ತಿ ಪ್ರದಾನ ಮಾಡಲಾಗುವುದು ಎಂದು ಸಂಘಟಕರು ತಿಳಿಸಿದ್ದಾರೆ.
ತಾಲ್ಲೂಕಿನ ಭೀಮಪ್ಪನ ಮಾಡುಕಲ್ಲಹಳ್ಳಿ ಗ್ರಾಮದ ಕಲಾವಿದ ಅವರಿಗೆ ಪ್ರತಿಷ್ಠಿತ ಕನ್ನಡ ರಾಜ್ಯೋತ್ಸವ ಪ್ರಶಸ್ತಿ ಲಭಿಸಿದೆ. ಡಿಸೆಂಬರ್ 25 ರಂದು ಬೆಂಗಳೂರಿನ ರವೀಂದ್ರ ಕಲಾಕ್ಷೇತ್ರದಲ್ಲಿ ನಡೆಯುವ ಕಾರ್ಯಕ್ರಮದಲ್ಲಿ ಪ್ರಶಸ್ತಿ ಪ್ರದಾನ ಮಾಡಲಾಗುವುದು ಎಂದು ಸಂಘಟಕರು ತಿಳಿಸಿದ್ದಾರೆ. ತಾಲ್ಲೂಕಿನ ಭೀಮಪ್ಪನ ಮಾಡುಕಲ್ಲಹಳ್ಳಿ ಗ್ರಾಮದ ಕಲಾವಿದ ಅವರಿಗೆ ಪ್ರತಿಷ್ಠಿತ ಕನ್ನಡ ರಾಜ್ಯೋತ್ಸವ ಪ್ರಶಸ್ತಿ ಲಭಿಸಿದೆ. ಡಿಸೆಂಬರ್ 25 ರಂದು ಬೆಂಗಳೂರಿನ ರವೀಂದ್ರ ಕಲಾಕ್ಷೇತ್ರದಲ್ಲಿ ನಡೆಯುವ ಕಾರ್ಯಕ್ರಮದಲ್ಲಿ ಪ್ರಶಸ್ತಿ ಪ್ರದಾನ ಮಾಡಲಾಗುವುದು ಎಂದು ಸಂಘಟಕರು ತಿಳಿಸಿದ್ದಾರೆ.
ದಸಂಸ ನಗರ ಕಾರ್ಯಾಧ್ಯಕ್ಷರಾಗಿ ಹೆಚ್.ಹುಲಿರಾಜ್ ನೇಮಕ
ವಿಜಯನಗರವಾಣಿ ಸುದ್ದಿ
ಬಳ್ಳಾರಿ : ಕರ್ನಾಟಕ ದಲಿತ ಸಂಘರ್ಷ ಸಮಿತಿ ನಗರ ಘಟಕದ ಕಾರ್ಯಾಧ್ಯಕ್ಷರನ್ನಾಗಿ ಹೆಚ್.ಹುಲಿರಾಜ್ ಅವರು ಭಾರಿಪಾದದ ನೇಮಕ ಗೊಂಡಿದ್ದಾರೆ. ಕರ್ನಾಟಕ ದಲಿತ ಸಂಘರ್ಷ ಸಮಿತಿ (ದಾ.ಸಾಹೇಬ್ ಡಾ.ಎನ್.ಮೂರ್ತಿ ಸ್ಥಾಪಿತ) ಬಳ್ಳಾರಿ ಜಿಲ್ಲಾಧ್ಯಕ್ಷರಾದ ಶ್ರೀನಿವಾಸ ಭಂಡಾರಿ ಅವರು ಸೂಚನೆ ಮೇರೆಗೆ ನೇಮಕ ಮಾಡಲಾಗಿದೆ. ಸಂಘಟನೆಯನ್ನು ಬಲಪಡಿಸುವ ನಿಟ್ಟಿನಲ್ಲಿ ಪ್ರಾಮಾಣಿಕವಾಗಿ ಶ್ರಮಿಸುತ್ತೇನೆ ಎಂದು ನೂತನ ಕಾರ್ಯಾಧ್ಯಕ್ಷರು ತಿಳಿಸಿದರು. ಈ ಸಂದರ್ಭದಲ್ಲಿ ಸಮಿತಿಯ ಪದಾಧಿಕಾರಿಗಳು ಹಾಗೂ ಕಾರ್ಯಕರ್ತರು ಶುಭ ಹಾರೈಸಿದರು.
ಕರ್ನಾಟಕ ದಲಿತ ಸಂಘರ್ಷ ಸಮಿತಿ ನಗರ ಘಟಕದ ಕಾರ್ಯಾಧ್ಯಕ್ಷರನ್ನಾಗಿ ಹೆಚ್.ಹುಲಿರಾಜ್ ಅವರು ಭಾರಿಪಾದದ ನೇಮಕ ಗೊಂಡಿದ್ದಾರೆ. ಕರ್ನಾಟಕ ದಲಿತ ಸಂಘರ್ಷ ಸಮಿತಿ (ದಾ.ಸಾಹೇಬ್ ಡಾ.ಎನ್.ಮೂರ್ತಿ ಸ್ಥಾಪಿತ) ಬಳ್ಳಾರಿ ಜಿಲ್ಲಾಧ್ಯಕ್ಷರಾದ ಶ್ರೀನಿವಾಸ ಭಂಡಾರಿ ಅವರು ಸೂಚನೆ ಮೇರೆಗೆ ನೇಮಕ ಮಾಡಲಾಗಿದೆ. ಸಂಘಟನೆಯನ್ನು ಬಲಪಡಿಸುವ ನಿಟ್ಟಿನಲ್ಲಿ ಪ್ರಾಮಾಣಿಕವಾಗಿ ಶ್ರಮಿಸುತ್ತೇನೆ ಎಂದು ನೂತನ ಕಾರ್ಯಾಧ್ಯಕ್ಷರು ತಿಳಿಸಿದರು. ಈ ಸಂದರ್ಭದಲ್ಲಿ ಸಮಿತಿಯ ಪದಾಧಿಕಾರಿಗಳು ಹಾಗೂ ಕಾರ್ಯಕರ್ತರು ಶುಭ ಹಾರೈಸಿದರು. ಕರ್ನಾಟಕ ದಲಿತ ಸಂಘರ್ಷ ಸಮಿತಿ ನಗರ ಘಟಕದ ಕಾರ್ಯಾಧ್ಯಕ್ಷರನ್ನಾಗಿ ಹೆಚ್.ಹುಲಿರಾಜ್ ಅವರು ಭಾರಿಪಾದದ ನೇಮಕ ಗೊಂಡಿದ್ದಾರೆ. ಕರ್ನಾಟಕ ದಲಿತ ಸಂಘರ್ಷ ಸಮಿತಿ (ದಾ.ಸಾಹೇಬ್ ಡಾ.ಎನ್.ಮೂರ್ತಿ ಸ್ಥಾಪಿತ) ಬಳ್ಳಾರಿ ಜಿಲ್ಲಾಧ್ಯಕ್ಷರಾದ ಶ್ರೀನಿವಾಸ ಭಂಡಾರಿ ಅವರು ಸೂಚನೆ ಮೇರೆಗೆ ನೇಮಕ ಮಾಡಲಾಗಿದೆ. ಸಂಘಟನೆಯನ್ನು ಬಲಪಡಿಸುವ ನಿಟ್ಟಿನಲ್ಲಿ ಪ್ರಾಮಾಣಿಕವಾಗಿ ಶ್ರಮಿಸುತ್ತೇನೆ ಎಂದು ನೂತನ ಕಾರ್ಯಾಧ್ಯಕ್ಷರು ತಿಳಿಸಿದರು. ಈ ಸಂದರ್ಭದಲ್ಲಿ ಸಮಿತಿಯ ಪದಾಧಿಕಾರಿಗಳು ಹಾಗೂ ಕಾರ್ಯಕರ್ತರು ಶುಭ ಹಾರೈಸಿದರು.
ಗುಳೇದ ಲಕ್ಷ್ಮಮ್ಮದೇವಿ ಜಾತ್ರೆ ಪ್ರಯುಕ್ತ ಪೂರ್ವಭಾವಿ ಸಭೆ
ವಿಜಯನಗರವಾಣಿ ಸುದ್ದಿ
ಹರಪನಹಳ್ಳಿ : ಜಾತ್ರೆಯಲ್ಲಿ ದೇವಸ್ಥಾನದ ಸುತ್ತಮುತ್ತ, ಹೋಟೆಲ್, ಅಂಗಡಿ ಮುಂಗಟ್ಟುಗಳಲ್ಲಿ ಸ್ವಚ್ಛತೆಗೆ ಆದ್ಯತೆ ನೀಡಬೇಕು. ಜಾತ್ರೆ ಪ್ರಯುಕ್ತ ತಾಲ್ಲೂಕು ಆಡಳಿತದಿಂದ ನಡೆದ ಪೂರ್ವಭಾವಿ ಸಭೆಯಲ್ಲಿ ಅಧಿಕಾರಿಗಳು ಸೂಚನೆ ನೀಡಿದರು. ಕುಡಿಯುವ ನೀರು, ವಿದ್ಯುತ್, ಶೌಚಾಲಯ, ಆರೋಗ್ಯ ಸೇವೆ ಹಾಗೂ ಭದ್ರತೆಯ ವ್ಯವಸ್ಥೆ ಕಲ್ಪಿಸಲು ಕ್ರಮ ಕೈಗೊಳ್ಳಲಾಗುವುದು. ಭಕ್ತರಿಗೆ ಯಾವುದೇ ತೊಂದರೆ ಆಗದಂತೆ ನೋಡಿಕೊಳ್ಳಬೇಕು ಎಂದು ತಿಳಿಸಿದರು. ರೈತರು ದನಕರುಗಳ ಜಾತ್ರೆಗೆ ಅಗತ್ಯ ವ್ಯವಸ್ಥೆ ಮಾಡಲಾಗುವುದು. ಸಭೆಯಲ್ಲಿ ದೇವಸ್ಥಾನ ಸಮಿತಿ ಸದಸ್ಯರು, ಗ್ರಾಮಸ್ಥರು, ಪೊಲೀಸ್ ಇಲಾಖೆ, ಆರೋಗ್ಯ ಇಲಾಖೆ ಹಾಗೂ ಕಂದಾಯ ಇಲಾಖೆ ಅಧಿಕಾರಿಗಳು ಭಾಗವಹಿಸಿದ್ದರು. ಜಾತ್ರೆಯ ಯಶಸ್ಸಿಗೆ ಎಲ್ಲರೂ ಸಹಕರಿಸಬೇಕು ಎಂದು ಮನವಿ ಮಾಡಲಾಯಿತು. ಜಾತ್ರೆಗೆ ರಾಜ್ಯದ ವಿವಿಧ ಭಾಗಗಳಿಂದ ಸಾವಿರಾರು ಭಕ್ತರು ಆಗಮಿಸುವ ನಿರೀಕ್ಷೆಯಿದ್ದು, ಸಂಚಾರ ವ್ಯವಸ್ಥೆ ಸುಗಮವಾಗಿರುವಂತೆ ಕ್ರಮ ವಹಿಸಬೇಕು. ಕೆ.ಎಸ್.ಆರ್.ಟಿ.ಸಿ ವತಿಯಿಂದ ಹೆಚ್ಚುವರಿ ಬಸ್‌ಗಳ ವ್ಯವಸ್ಥೆ ಕಲ್ಪಿಸಲಾಗುವುದು ಎಂದು ಅಧಿಕಾರಿಗಳು ಸಭೆಗೆ ಮಾಹಿತಿ ನೀಡಿದರು. ಮಾಂಗಲ್ಯ ಬಾರ್ ಮತ್ತು ಮದ್ಯ ಮಾರಾಟವನ್ನು ಜಾತ್ರೆಯ ದಿನಗಳಲ್ಲಿ ನಿಷೇಧಿಸಲಾಗುವುದು.
ಜಾತ್ರೆಯಲ್ಲಿ ದೇವಸ್ಥಾನದ ಸುತ್ತಮುತ್ತ, ಹೋಟೆಲ್, ಅಂಗಡಿ ಮುಂಗಟ್ಟುಗಳಲ್ಲಿ ಸ್ವಚ್ಛತೆಗೆ ಆದ್ಯತೆ ನೀಡಬೇಕು. ಜಾತ್ರೆ ಪ್ರಯುಕ್ತ ತಾಲ್ಲೂಕು ಆಡಳಿತದಿಂದ ನಡೆದ ಪೂರ್ವಭಾವಿ ಸಭೆಯಲ್ಲಿ ಅಧಿಕಾರಿಗಳು ಸೂಚನೆ ನೀಡಿದರು. ಕುಡಿಯುವ ನೀರು, ವಿದ್ಯುತ್, ಶೌಚಾಲಯ, ಆರೋಗ್ಯ ಸೇವೆ ಹಾಗೂ ಭದ್ರತೆಯ ವ್ಯವಸ್ಥೆ ಕಲ್ಪಿಸಲು ಕ್ರಮ ಕೈಗೊಳ್ಳಲಾಗುವುದು. ಭಕ್ತರಿಗೆ ಯಾವುದೇ ತೊಂದರೆ ಆಗದಂತೆ ನೋಡಿಕೊಳ್ಳಬೇಕು ಎಂದು ತಿಳಿಸಿದರು. ರೈತರು ದನಕರುಗಳ ಜಾತ್ರೆಗೆ ಅಗತ್ಯ ವ್ಯವಸ್ಥೆ ಮಾಡಲಾಗುವುದು. ಸಭೆಯಲ್ಲಿ ದೇವಸ್ಥಾನ ಸಮಿತಿ ಸದಸ್ಯರು, ಗ್ರಾಮಸ್ಥರು, ಪೊಲೀಸ್ ಇಲಾಖೆ, ಆರೋಗ್ಯ ಇಲಾಖೆ ಹಾಗೂ ಕಂದಾಯ ಇಲಾಖೆ ಅಧಿಕಾರಿಗಳು ಭಾಗವಹಿಸಿದ್ದರು. ಜಾತ್ರೆಯ ಯಶಸ್ಸಿಗೆ ಎಲ್ಲರೂ ಸಹಕರಿಸಬೇಕು ಎಂದು ಮನವಿ ಮಾಡಲಾಯಿತು. ಜಾತ್ರೆಗೆ ರಾಜ್ಯದ ವಿವಿಧ ಭಾಗಗಳಿಂದ ಸಾವಿರಾರು ಭಕ್ತರು ಆಗಮಿಸುವ ನಿರೀಕ್ಷೆಯಿದ್ದು, ಸಂಚಾರ ವ್ಯವಸ್ಥೆ ಸುಗಮವಾಗಿರುವಂತೆ ಕ್ರಮ ವಹಿಸಬೇಕು. ಕೆ.ಎಸ್.ಆರ್.ಟಿ.ಸಿ ವತಿಯಿಂದ ಹೆಚ್ಚುವರಿ ಬಸ್‌ಗಳ ವ್ಯವಸ್ಥೆ ಕಲ್ಪಿಸಲಾಗುವುದು ಎಂದು ಅಧಿಕಾರಿಗಳು ಸಭೆಗೆ ಮಾಹಿತಿ ನೀಡಿದರು. ಮಾಂಗಲ್ಯ ಬಾರ್ ಮತ್ತು ಮದ್ಯ ಮಾರಾಟವನ್ನು ಜಾತ್ರೆಯ ದಿನಗಳಲ್ಲಿ ನಿಷೇಧಿಸಲಾಗುವುದು. ಜಾತ್ರೆಯಲ್ಲಿ ದೇವಸ್ಥಾನದ ಸುತ್ತಮುತ್ತ, ಹೋಟೆಲ್, ಅಂಗಡಿ ಮುಂಗಟ್ಟುಗಳಲ್ಲಿ ಸ್ವಚ್ಛತೆಗೆ ಆದ್ಯತೆ ನೀಡಬೇಕು. ಜಾತ್ರೆ ಪ್ರಯುಕ್ತ ತಾಲ್ಲೂಕು ಆಡಳಿತದಿಂದ ನಡೆದ ಪೂರ್ವಭಾವಿ ಸಭೆಯಲ್ಲಿ ಅಧಿಕಾರಿಗಳು ಸೂಚನೆ ನೀಡಿದರು. ಕುಡಿಯುವ ನೀರು, ವಿದ್ಯುತ್, ಶೌಚಾಲಯ, ಆರೋಗ್ಯ ಸೇವೆ ಹಾಗೂ ಭದ್ರತೆಯ ವ್ಯವಸ್ಥೆ ಕಲ್ಪಿಸಲು ಕ್ರಮ ಕೈಗೊಳ್ಳಲಾಗುವುದು. ಭಕ್ತರಿಗೆ ಯಾವುದೇ ತೊಂದರೆ ಆಗದಂತೆ ನೋಡಿಕೊಳ್ಳಬೇಕು ಎಂದು ತಿಳಿಸಿದರು. ರೈತರು ದನಕರುಗಳ ಜಾತ್ರೆಗೆ ಅಗತ್ಯ ವ್ಯವಸ್ಥೆ ಮಾಡಲಾಗುವುದು. ಸಭೆಯಲ್ಲಿ ದೇವಸ್ಥಾನ ಸಮಿತಿ ಸದಸ್ಯರು, ಗ್ರಾಮಸ್ಥರು, ಪೊಲೀಸ್ ಇಲಾಖೆ, ಆರೋಗ್ಯ ಇಲಾಖೆ ಹಾಗೂ ಕಂದಾಯ ಇಲಾಖೆ ಅಧಿಕಾರಿಗಳು ಭಾಗವಹಿಸಿದ್ದರು. ಜಾತ್ರೆಯ ಯಶಸ್ಸಿಗೆ ಎಲ್ಲರೂ ಸಹಕರಿಸಬೇಕು ಎಂದು ಮನವಿ ಮಾಡಲಾಯಿತು. ಜಾತ್ರೆಗೆ ರಾಜ್ಯದ ವಿವಿಧ ಭಾಗಗಳಿಂದ ಸಾವಿರಾರು ಭಕ್ತರು ಆಗಮಿಸುವ ನಿರೀಕ್ಷೆಯಿದ್ದು, ಸಂಚಾರ ವ್ಯವಸ್ಥೆ ಸುಗಮವಾಗಿರುವಂತೆ ಕ್ರಮ ವಹಿಸಬೇಕು. ಕೆ.ಎಸ್.ಆರ್.ಟಿ.ಸಿ ವತಿಯಿಂದ ಹೆಚ್ಚುವರಿ ಬಸ್‌ಗಳ ವ್ಯವಸ್ಥೆ ಕಲ್ಪಿಸಲಾಗುವುದು ಎಂದು ಅಧಿಕಾರಿಗಳು ಸಭೆಗೆ ಮಾಹಿತಿ ನೀಡಿದರು. ಮಾಂಗಲ್ಯ ಬಾರ್ ಮತ್ತು ಮದ್ಯ ಮಾರಾಟವನ್ನು ಜಾತ್ರೆಯ ದಿನಗಳಲ್ಲಿ ನಿಷೇಧಿಸಲಾಗುವುದು. ಜಾತ್ರೆಯಲ್ಲಿ ದೇವಸ್ಥಾನದ ಸುತ್ತಮುತ್ತ, ಹೋಟೆಲ್, ಅಂಗಡಿ ಮುಂಗಟ್ಟುಗಳಲ್ಲಿ ಸ್ವಚ್ಛತೆಗೆ ಆದ್ಯತೆ ನೀಡಬೇಕು. ಜಾತ್ರೆ ಪ್ರಯುಕ್ತ ತಾಲ್ಲೂಕು ಆಡಳಿತದಿಂದ ನಡೆದ ಪೂರ್ವಭಾವಿ ಸಭೆಯಲ್ಲಿ ಅಧಿಕಾರಿಗಳು ಸೂಚನೆ ನೀಡಿದರು. ಕುಡಿಯುವ ನೀರು, ವಿದ್ಯುತ್, ಶೌಚಾಲಯ, ಆರೋಗ್ಯ ಸೇವೆ ಹಾಗೂ ಭದ್ರತೆಯ ವ್ಯವಸ್ಥೆ ಕಲ್ಪಿಸಲು ಕ್ರಮ ಕೈಗೊಳ್ಳಲಾಗುವುದು. ಭಕ್ತರಿಗೆ ಯಾವುದೇ ತೊಂದರೆ ಆಗದಂತೆ ನೋಡಿಕೊಳ್ಳಬೇಕು ಎಂದು ತಿಳಿಸಿದರು. ರೈತರು ದನಕರುಗಳ ಜಾತ್ರೆಗೆ ಅಗತ್ಯ ವ್ಯವಸ್ಥೆ ಮಾಡಲಾಗುವುದು. ಸಭೆಯಲ್ಲಿ ದೇವಸ್ಥಾನ ಸಮಿತಿ ಸದಸ್ಯರು, ಗ್ರಾಮಸ್ಥರು, ಪೊಲೀಸ್ ಇಲಾಖೆ, ಆರೋಗ್ಯ ಇಲಾಖೆ ಹಾಗೂ ಕಂದಾಯ ಇಲಾಖೆ ಅಧಿಕಾರಿಗಳು ಭಾಗವಹಿಸಿದ್ದರು. ಜಾತ್ರೆಯ ಯಶಸ್ಸಿಗೆ ಎಲ್ಲರೂ ಸಹಕರಿಸಬೇಕು ಎಂದು ಮನವಿ ಮಾಡಲಾಯಿತು. ಜಾತ್ರೆಗೆ ರಾಜ್ಯದ ವಿವಿಧ ಭಾಗಗಳಿಂದ ಸಾವಿರಾರು ಭಕ್ತರು ಆಗಮಿಸುವ ನಿರೀಕ್ಷೆಯಿದ್ದು, ಸಂಚಾರ ವ್ಯವಸ್ಥೆ ಸುಗಮವಾಗಿರುವಂತೆ ಕ್ರಮ ವಹಿಸಬೇಕು. ಕೆ.ಎಸ್.ಆರ್.ಟಿ.ಸಿ ವತಿಯಿಂದ ಹೆಚ್ಚುವರಿ ಬಸ್‌ಗಳ ವ್ಯವಸ್ಥೆ ಕಲ್ಪಿಸಲಾಗುವುದು ಎಂದು ಅಧಿಕಾರಿಗಳು ಸಭೆಗೆ ಮಾಹಿತಿ ನೀಡಿದರು. ಮಾಂಗಲ್ಯ ಬಾರ್ ಮತ್ತು ಮದ್ಯ ಮಾರಾಟವನ್ನು ಜಾತ್ರೆಯ ದಿನಗಳಲ್ಲಿ ನಿಷೇಧಿಸಲಾಗುವುದು. ಜಾತ್ರೆಯಲ್ಲಿ ದೇವಸ್ಥಾನದ ಸುತ್ತಮುತ್ತ, ಹೋಟೆಲ್, ಅಂಗಡಿ ಮುಂಗಟ್ಟುಗಳಲ್ಲಿ ಸ್ವಚ್ಛತೆಗೆ ಆದ್ಯತೆ ನೀಡಬೇಕು. ಜಾತ್ರೆ ಪ್ರಯುಕ್ತ ತಾಲ್ಲೂಕು ಆಡಳಿತದಿಂದ ನಡೆದ ಪೂರ್ವಭಾವಿ ಸಭೆಯಲ್ಲಿ ಅಧಿಕಾರಿಗಳು ಸೂಚನೆ ನೀಡಿದರು. ಕುಡಿಯುವ ನೀರು, ವಿದ್ಯುತ್, ಶೌಚಾಲಯ, ಆರೋಗ್ಯ ಸೇವೆ ಹಾಗೂ ಭದ್ರತೆಯ ವ್ಯವಸ್ಥೆ ಕಲ್ಪಿಸಲು ಕ್ರಮ ಕೈಗೊಳ್ಳಲಾಗುವುದು. ಭಕ್ತರಿಗೆ ಯಾವುದೇ ತೊಂದರೆ ಆಗದಂತೆ ನೋಡಿಕೊಳ್ಳಬೇಕು ಎಂದು ತಿಳಿಸಿದರು. ರೈತರು ದನಕರುಗಳ ಜಾತ್ರೆಗೆ ಅಗತ್ಯ ವ್ಯವಸ್ಥೆ ಮಾಡಲಾಗುವುದು. ಸಭೆಯಲ್ಲಿ ದೇವಸ್ಥಾನ ಸಮಿತಿ ಸದಸ್ಯರು, ಗ್ರಾಮಸ್ಥರು, ಪೊಲೀಸ್ ಇಲಾಖೆ, ಆರೋಗ್ಯ ಇಲಾಖೆ ಹಾಗೂ ಕಂದಾಯ ಇಲಾಖೆ ಅಧಿಕಾರಿಗಳು ಭಾಗವಹಿಸಿದ್ದರು. ಜಾತ್ರೆಯ ಯಶಸ್ಸಿಗೆ ಎಲ್ಲರೂ ಸಹಕರಿಸಬೇಕು ಎಂದು ಮನವಿ ಮಾಡಲಾಯಿತು. ಜಾತ್ರೆಗೆ ರಾಜ್ಯದ ವಿವಿಧ ಭಾಗಗಳಿಂದ ಸಾವಿರಾರು ಭಕ್ತರು ಆಗಮಿಸುವ ನಿರೀಕ್ಷೆಯಿದ್ದು, ಸಂಚಾರ ವ್ಯವಸ್ಥೆ ಸುಗಮವಾಗಿರುವಂತೆ ಕ್ರಮ ವಹಿಸಬೇಕು. ಕೆ.ಎಸ್.ಆರ್.ಟಿ.ಸಿ ವತಿಯಿಂದ ಹೆಚ್ಚುವರಿ ಬಸ್‌ಗಳ ವ್ಯವಸ್ಥೆ ಕಲ್ಪಿಸಲಾಗುವುದು ಎಂದು ಅಧಿಕಾರಿಗಳು ಸಭೆಗೆ ಮಾಹಿತಿ ನೀಡಿದರು. ಮಾಂಗಲ್ಯ ಬಾರ್ ಮತ್ತು ಮದ್ಯ ಮಾರಾಟವನ್ನು ಜಾತ್ರೆಯ ದಿನಗಳಲ್ಲಿ ನಿಷೇಧಿಸಲಾಗುವುದು.
Printed by : B.Ramesh Uppar, Published by : B.Ramesh Uppar and Owned by: B.Ramesh Uppar, ,Printed at : SHREESHAILA PRINTERS, Eranna Gudi Opposite Road,
Eslampur, Gangavathi-581227 Koppal Dist. Karnataka. ,Published at : At Ward. No.21, Sadashiva Nagara, Near K.S.V. Rice Mill, B.M. Saw Mill, Siruguppa-583121 Dist.
Bellary, Karnataka Editor : B.Ramesh Uppar
